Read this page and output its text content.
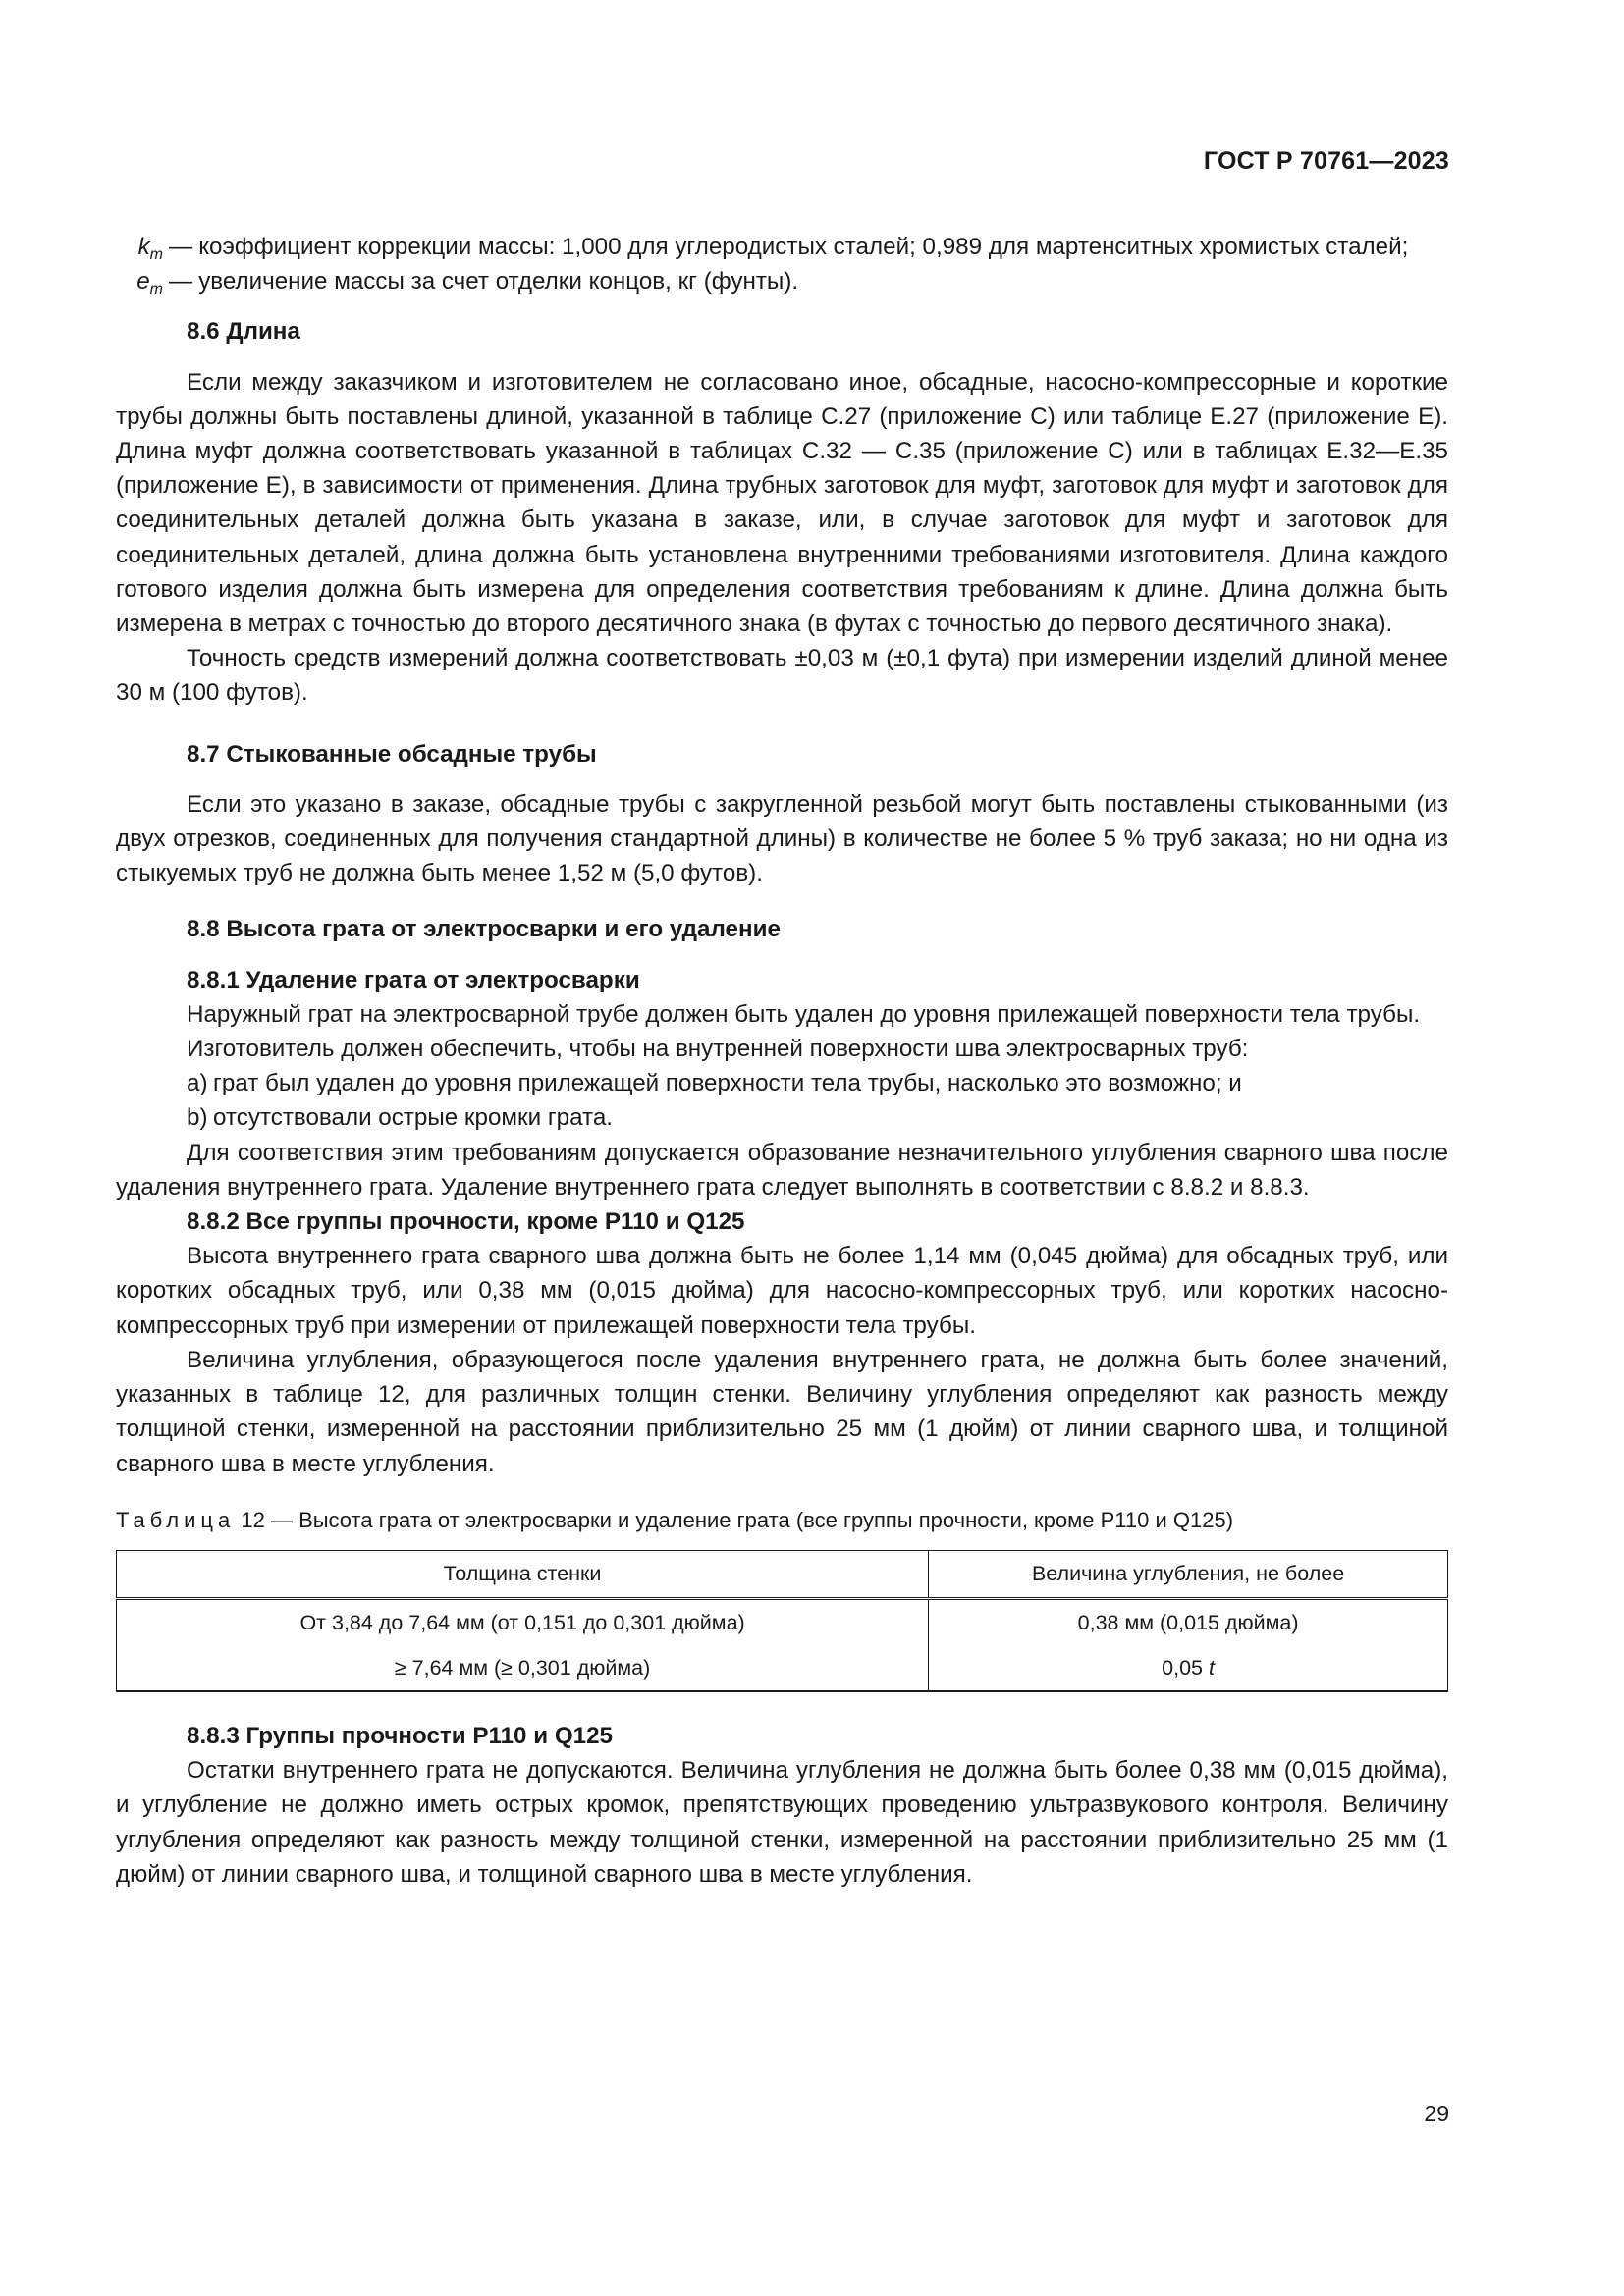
ГОСТ Р 70761—2023
$k_m$ — коэффициент коррекции массы: 1,000 для углеродистых сталей; 0,989 для мартенситных хромистых сталей;
$e_m$ — увеличение массы за счет отделки концов, кг (фунты).

8.6 Длина

Если между заказчиком и изготовителем не согласовано иное, обсадные, насосно-компрессорные и короткие трубы должны быть поставлены длиной, указанной в таблице С.27 (приложение С) или таблице Е.27 (приложение Е). Длина муфт должна соответствовать указанной в таблицах С.32 — С.35 (приложение С) или в таблицах Е.32—Е.35 (приложение Е), в зависимости от применения. Длина трубных заготовок для муфт, заготовок для муфт и заготовок для соединительных деталей должна быть указана в заказе, или, в случае заготовок для муфт и заготовок для соединительных деталей, длина должна быть установлена внутренними требованиями изготовителя. Длина каждого готового изделия должна быть измерена для определения соответствия требованиям к длине. Длина должна быть измерена в метрах с точностью до второго десятичного знака (в футах с точностью до первого десятичного знака).

Точность средств измерений должна соответствовать ±0,03 м (±0,1 фута) при измерении изделий длиной менее 30 м (100 футов).

8.7 Стыкованные обсадные трубы

Если это указано в заказе, обсадные трубы с закругленной резьбой могут быть поставлены стыкованными (из двух отрезков, соединенных для получения стандартной длины) в количестве не более 5 % труб заказа; но ни одна из стыкуемых труб не должна быть менее 1,52 м (5,0 футов).

8.8 Высота грата от электросварки и его удаление

8.8.1 Удаление грата от электросварки

Наружный грат на электросварной трубе должен быть удален до уровня прилежащей поверхности тела трубы.

Изготовитель должен обеспечить, чтобы на внутренней поверхности шва электросварных труб:

a) грат был удален до уровня прилежащей поверхности тела трубы, насколько это возможно; и

b) отсутствовали острые кромки грата.

Для соответствия этим требованиям допускается образование незначительного углубления сварного шва после удаления внутреннего грата. Удаление внутреннего грата следует выполнять в соответствии с 8.8.2 и 8.8.3.

8.8.2 Все группы прочности, кроме Р110 и Q125

Высота внутреннего грата сварного шва должна быть не более 1,14 мм (0,045 дюйма) для обсадных труб, или коротких обсадных труб, или 0,38 мм (0,015 дюйма) для насосно-компрессорных труб, или коротких насосно-компрессорных труб при измерении от прилежащей поверхности тела трубы.

Величина углубления, образующегося после удаления внутреннего грата, не должна быть более значений, указанных в таблице 12, для различных толщин стенки. Величину углубления определяют как разность между толщиной стенки, измеренной на расстоянии приблизительно 25 мм (1 дюйм) от линии сварного шва, и толщиной сварного шва в месте углубления.

Таблица 12 — Высота грата от электросварки и удаление грата (все группы прочности, кроме Р110 и Q125)

Толщина стенки	Величина углубления, не более
От 3,84 до 7,64 мм (от 0,151 до 0,301 дюйма)	0,38 мм (0,015 дюйма)
≥ 7,64 мм (≥ 0,301 дюйма)	0,05 t

8.8.3 Группы прочности Р110 и Q125

Остатки внутреннего грата не допускаются. Величина углубления не должна быть более 0,38 мм (0,015 дюйма), и углубление не должно иметь острых кромок, препятствующих проведению ультразвукового контроля. Величину углубления определяют как разность между толщиной стенки, измеренной на расстоянии приблизительно 25 мм (1 дюйм) от линии сварного шва, и толщиной сварного шва в месте углубления.

29
